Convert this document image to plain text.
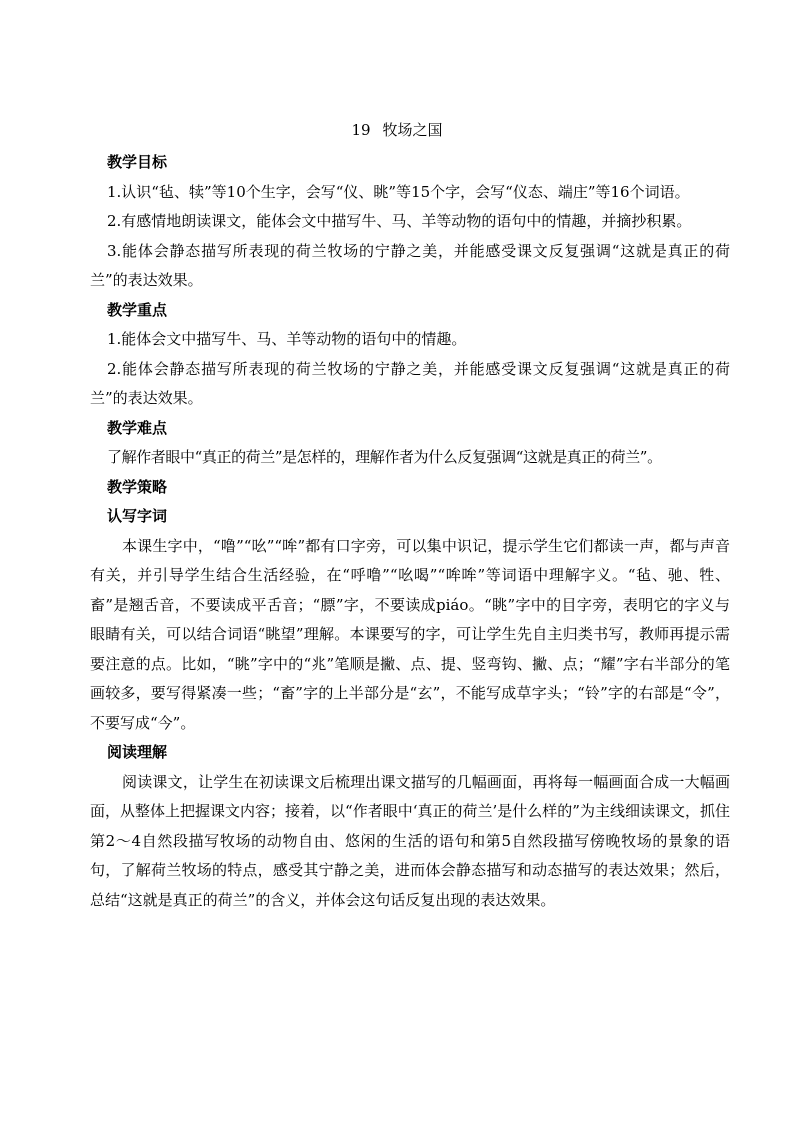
19 牧场之国

教学目标

1.认识“毡、犊”等10个生字，会写“仪、眺”等15个字，会写“仪态、端庄”等16个词语。

2.有感情地朗读课文，能体会文中描写牛、马、羊等动物的语句中的情趣，并摘抄积累。

3.能体会静态描写所表现的荷兰牧场的宁静之美，并能感受课文反复强调“这就是真正的荷兰”的表达效果。

教学重点

1.能体会文中描写牛、马、羊等动物的语句中的情趣。

2.能体会静态描写所表现的荷兰牧场的宁静之美，并能感受课文反复强调“这就是真正的荷兰”的表达效果。

教学难点

了解作者眼中“真正的荷兰”是怎样的，理解作者为什么反复强调“这就是真正的荷兰”。

教学策略

认写字词

本课生字中，“噜”“吆”“哞”都有口字旁，可以集中识记，提示学生它们都读一声，都与声音有关，并引导学生结合生活经验，在“呼噜”“吆喝”“哞哞”等词语中理解字义。“毡、驰、牲、畜”是翘舌音，不要读成平舌音；“膘”字，不要读成piáo。“眺”字中的目字旁，表明它的字义与眼睛有关，可以结合词语“眺望”理解。本课要写的字，可让学生先自主归类书写，教师再提示需要注意的点。比如，“眺”字中的“兆”笔顺是撇、点、提、竖弯钩、撇、点；“耀”字右半部分的笔画较多，要写得紧凑一些；“畜”字的上半部分是“玄”，不能写成草字头；“铃”字的右部是“令”，不要写成“今”。

阅读理解

阅读课文，让学生在初读课文后梳理出课文描写的几幅画面，再将每一幅画面合成一大幅画面，从整体上把握课文内容；接着，以“作者眼中‘真正的荷兰’是什么样的”为主线细读课文，抓住第2～4自然段描写牧场的动物自由、悠闲的生活的语句和第5自然段描写傍晚牧场的景象的语句，了解荷兰牧场的特点，感受其宁静之美，进而体会静态描写和动态描写的表达效果；然后，总结“这就是真正的荷兰”的含义，并体会这句话反复出现的表达效果。
